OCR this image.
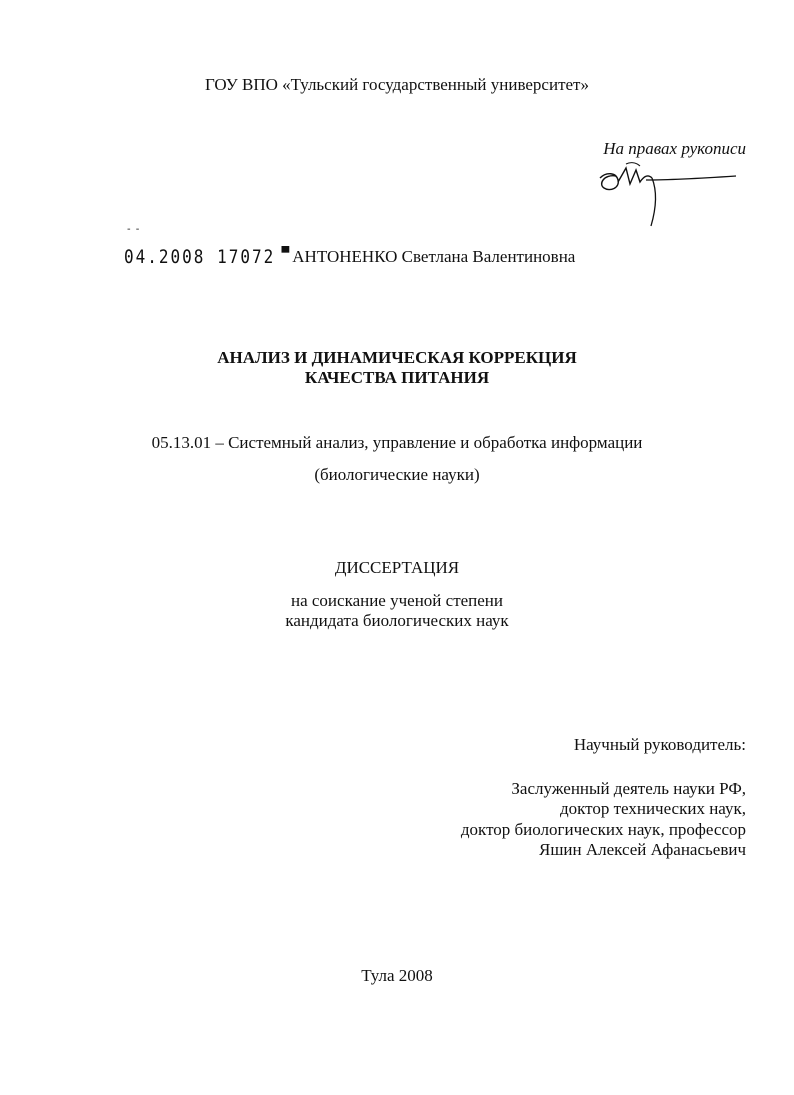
ГОУ ВПО «Тульский государственный университет»
На правах рукописи
- -
04.2008 17072 ▀ АНТОНЕНКО Светлана Валентиновна
АНАЛИЗ И ДИНАМИЧЕСКАЯ КОРРЕКЦИЯ
КАЧЕСТВА ПИТАНИЯ
05.13.01 – Системный анализ, управление и обработка информации
(биологические науки)
ДИССЕРТАЦИЯ
на соискание ученой степени
кандидата биологических наук
Научный руководитель:
Заслуженный деятель науки РФ,
доктор технических наук,
доктор биологических наук, профессор
Яшин Алексей Афанасьевич
Тула 2008
